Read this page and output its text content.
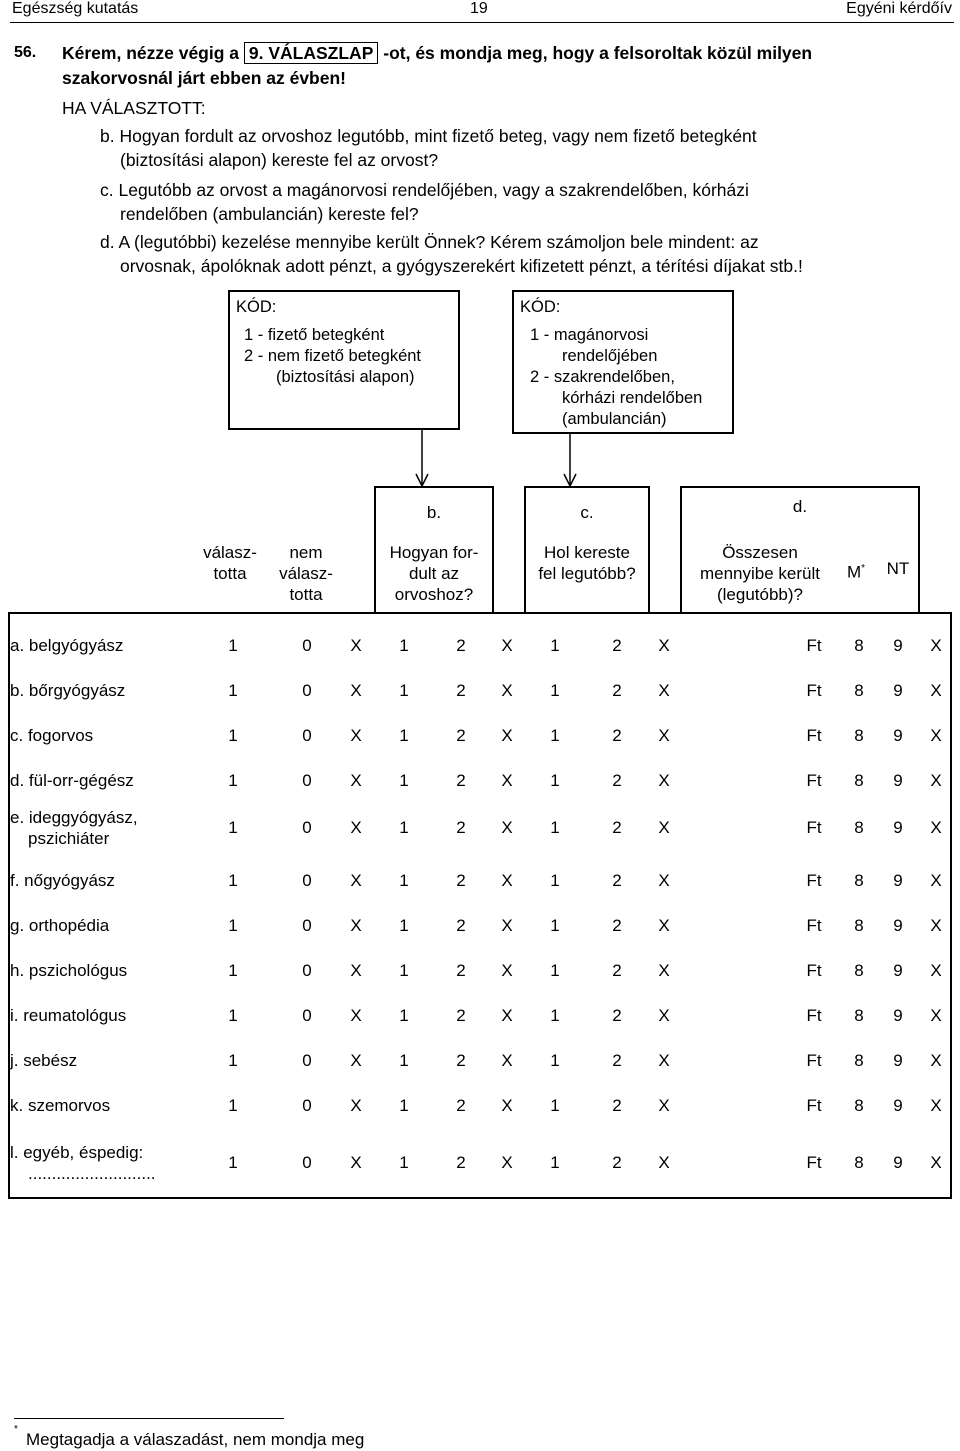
Egészség kutatás	19	Egyéni kérdőív
56. Kérem, nézze végig a 9. VÁLASZLAP -ot, és mondja meg, hogy a felsoroltak közül milyen
szakorvosnál járt ebben az évben!
HA VÁLASZTOTT:
b. Hogyan fordult az orvoshoz legutóbb, mint fizető beteg, vagy nem fizető betegként
(biztosítási alapon) kereste fel az orvost?
c. Legutóbb az orvost a magánorvosi rendelőjében, vagy a szakrendelőben, kórházi
rendelőben (ambulancián) kereste fel?
d. A (legutóbbi) kezelése mennyibe került Önnek? Kérem számoljon bele mindent: az
orvosnak, ápolóknak adott pénzt, a gyógyszerekért kifizetett pénzt, a térítési díjakat stb.!
KÓD:
1 - fizető betegként
2 - nem fizető betegként
(biztosítási alapon)
KÓD:
1 - magánorvosi
rendelőjében
2 - szakrendelőben,
kórházi rendelőben
(ambulancián)
b.	c.	d.
válasz-
totta
nem
válasz-
totta
Hogyan for-
dult az
orvoshoz?
Hol kereste
fel legutóbb?
Összesen
mennyibe került
(legutóbb)?
M*	NT
a. belgyógyász	1	0	X	1	2	X	1	2	X	Ft	8	9	X
b. bőrgyógyász	1	0	X	1	2	X	1	2	X	Ft	8	9	X
c. fogorvos	1	0	X	1	2	X	1	2	X	Ft	8	9	X
d. fül-orr-gégész	1	0	X	1	2	X	1	2	X	Ft	8	9	X
e. ideggyógyász,
pszichiáter
1	0	X	1	2	X	1	2	X	Ft	8	9	X
f. nőgyógyász	1	0	X	1	2	X	1	2	X	Ft	8	9	X
g. orthopédia	1	0	X	1	2	X	1	2	X	Ft	8	9	X
h. pszichológus	1	0	X	1	2	X	1	2	X	Ft	8	9	X
i. reumatológus	1	0	X	1	2	X	1	2	X	Ft	8	9	X
j. sebész	1	0	X	1	2	X	1	2	X	Ft	8	9	X
k. szemorvos	1	0	X	1	2	X	1	2	X	Ft	8	9	X
l. egyéb, éspedig:
...........................
1	0	X	1	2	X	1	2	X	Ft	8	9	X
*
Megtagadja a válaszadást, nem mondja meg
